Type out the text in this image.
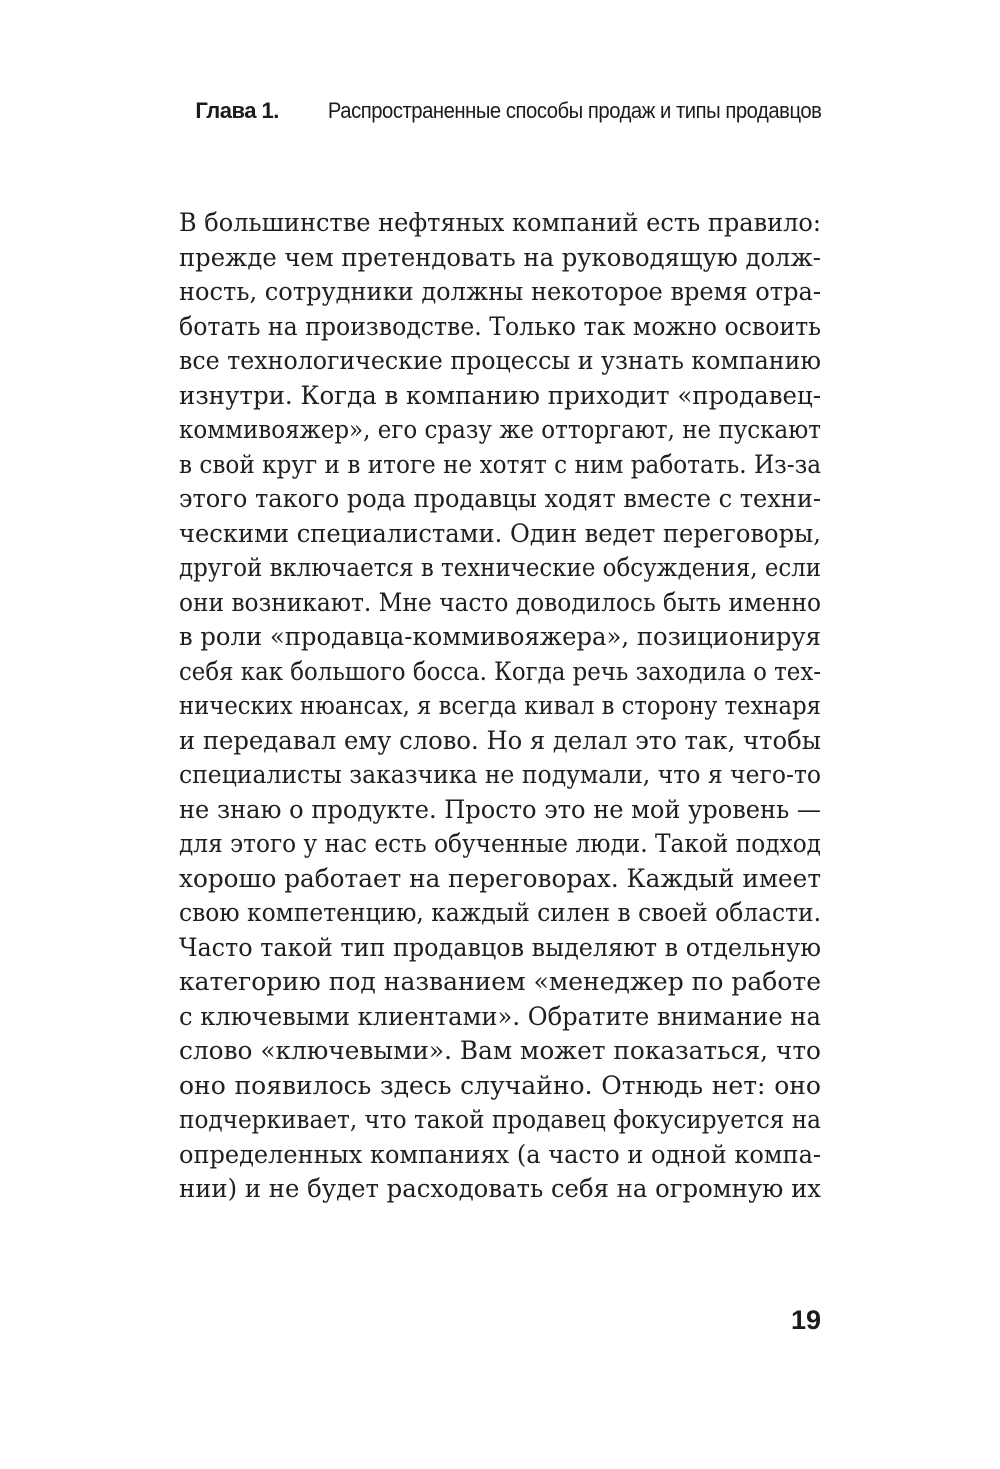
Глава 1. Распространенные способы продаж и типы продавцов
В большинстве нефтяных компаний есть правило:
прежде чем претендовать на руководящую долж-
ность, сотрудники должны некоторое время отра-
ботать на производстве. Только так можно освоить
все технологические процессы и узнать компанию
изнутри. Когда в компанию приходит «продавец-
коммивояжер», его сразу же отторгают, не пускают
в свой круг и в итоге не хотят с ним работать. Из-за
этого такого рода продавцы ходят вместе с техни-
ческими специалистами. Один ведет переговоры,
другой включается в технические обсуждения, если
они возникают. Мне часто доводилось быть именно
в роли «продавца-коммивояжера», позиционируя
себя как большого босса. Когда речь заходила о тех-
нических нюансах, я всегда кивал в сторону технаря
и передавал ему слово. Но я делал это так, чтобы
специалисты заказчика не подумали, что я чего-то
не знаю о продукте. Просто это не мой уровень —
для этого у нас есть обученные люди. Такой подход
хорошо работает на переговорах. Каждый имеет
свою компетенцию, каждый силен в своей области.
Часто такой тип продавцов выделяют в отдельную
категорию под названием «менеджер по работе
с ключевыми клиентами». Обратите внимание на
слово «ключевыми». Вам может показаться, что
оно появилось здесь случайно. Отнюдь нет: оно
подчеркивает, что такой продавец фокусируется на
определенных компаниях (а часто и одной компа-
нии) и не будет расходовать себя на огромную их
19
